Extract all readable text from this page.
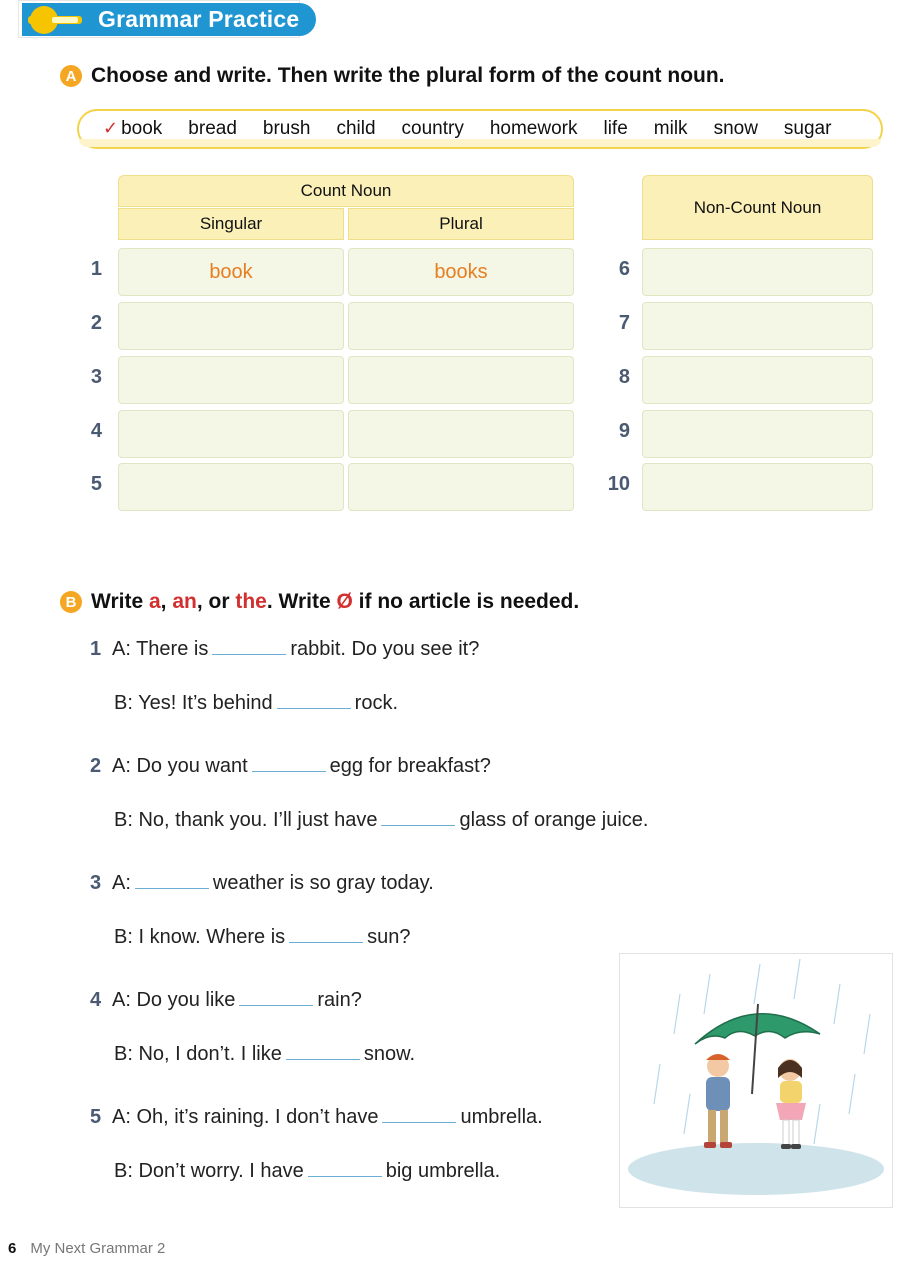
Grammar Practice
A Choose and write. Then write the plural form of the count noun.
✓ book bread brush child country homework life milk snow sugar
Count Noun
Singular	Plural
Non-Count Noun
1	book	books
2
3
4
5
6
7
8
9
10
B Write a, an, or the. Write Ø if no article is needed.
1 A: There is	rabbit. Do you see it?
B: Yes! It’s behind	rock.
2 A: Do you want	egg for breakfast?
B: No, thank you. I’ll just have	glass of orange juice.
3 A:	weather is so gray today.
B: I know. Where is	sun?
4 A: Do you like	rain?
B: No, I don’t. I like	snow.
5 A: Oh, it’s raining. I don’t have	umbrella.
B: Don’t worry. I have	big umbrella.
6 My Next Grammar 2
